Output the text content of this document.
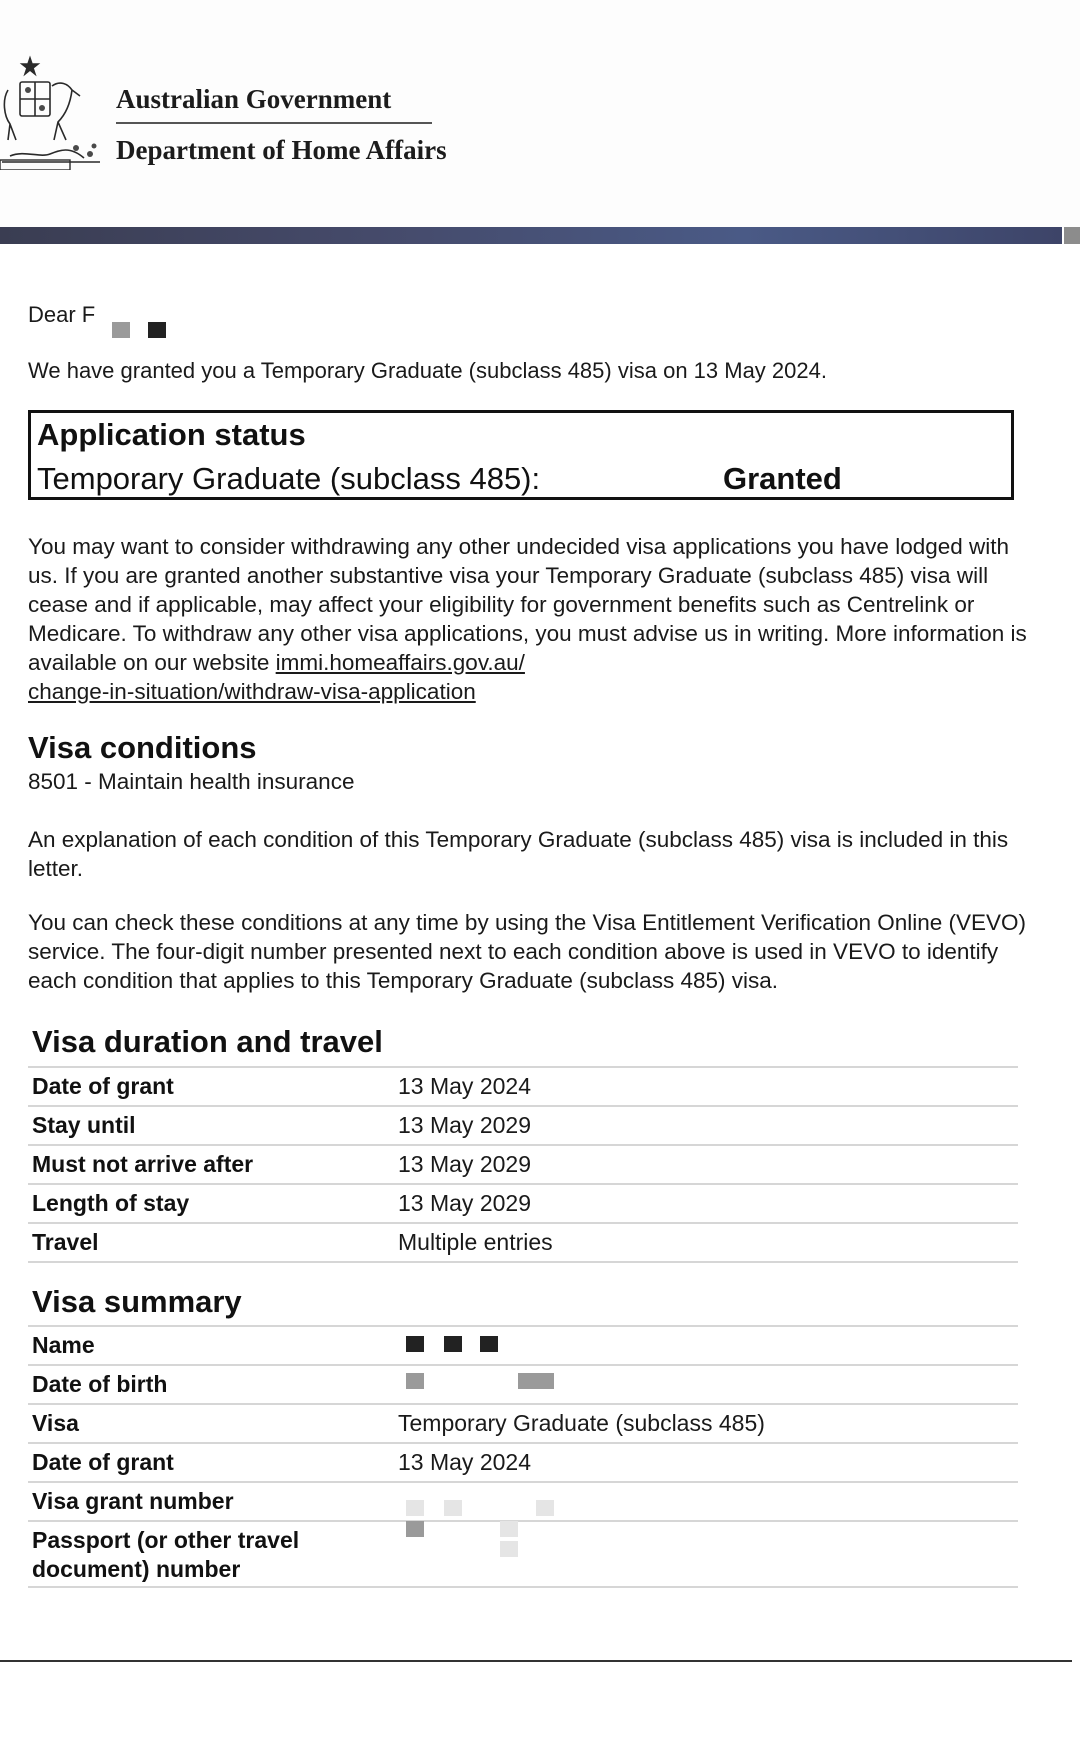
Australian Government
Department of Home Affairs
Dear F
We have granted you a Temporary Graduate (subclass 485) visa on 13 May 2024.
Application status
Temporary Graduate (subclass 485):	Granted
You may want to consider withdrawing any other undecided visa applications you have lodged with us. If you are granted another substantive visa your Temporary Graduate (subclass 485) visa will cease and if applicable, may affect your eligibility for government benefits such as Centrelink or Medicare. To withdraw any other visa applications, you must advise us in writing. More information is available on our website immi.homeaffairs.gov.au/
change-in-situation/withdraw-visa-application
Visa conditions
8501 - Maintain health insurance
An explanation of each condition of this Temporary Graduate (subclass 485) visa is included in this letter.
You can check these conditions at any time by using the Visa Entitlement Verification Online (VEVO) service. The four-digit number presented next to each condition above is used in VEVO to identify each condition that applies to this Temporary Graduate (subclass 485) visa.
Visa duration and travel
Date of grant	13 May 2024
Stay until	13 May 2029
Must not arrive after	13 May 2029
Length of stay	13 May 2029
Travel	Multiple entries
Visa summary
Name
Date of birth
Visa	Temporary Graduate (subclass 485)
Date of grant	13 May 2024
Visa grant number
Passport (or other travel document) number
